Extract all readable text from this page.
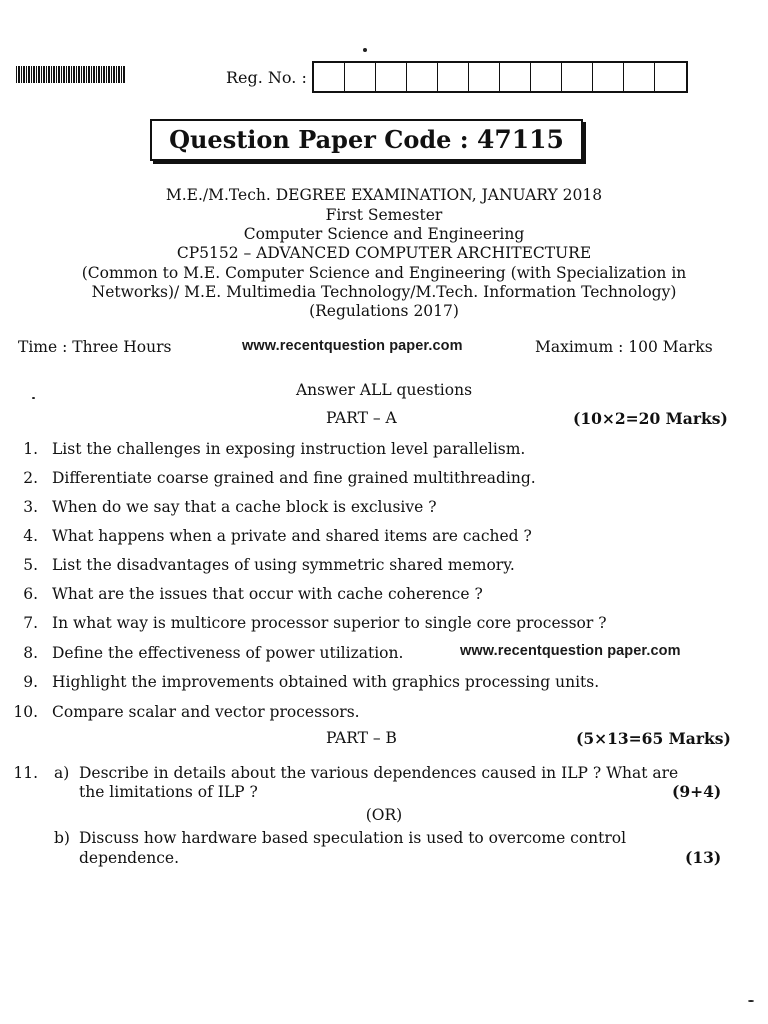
Reg. No. :
Question Paper Code : 47115
M.E./M.Tech. DEGREE EXAMINATION, JANUARY 2018
First Semester
Computer Science and Engineering
CP5152 – ADVANCED COMPUTER ARCHITECTURE
(Common to M.E. Computer Science and Engineering (with Specialization in
Networks)/ M.E. Multimedia Technology/M.Tech. Information Technology)
(Regulations 2017)
Time : Three Hours	www.recentquestion paper.com	Maximum : 100 Marks
Answer ALL questions
PART – A	(10×2=20 Marks)
1. List the challenges in exposing instruction level parallelism.
2. Differentiate coarse grained and fine grained multithreading.
3. When do we say that a cache block is exclusive ?
4. What happens when a private and shared items are cached ?
5. List the disadvantages of using symmetric shared memory.
6. What are the issues that occur with cache coherence ?
7. In what way is multicore processor superior to single core processor ?
8. Define the effectiveness of power utilization.	www.recentquestion paper.com
9. Highlight the improvements obtained with graphics processing units.
10. Compare scalar and vector processors.
PART – B	(5×13=65 Marks)
11. a) Describe in details about the various dependences caused in ILP ? What are
the limitations of ILP ?	(9+4)
(OR)
b) Discuss how hardware based speculation is used to overcome control
dependence.	(13)
